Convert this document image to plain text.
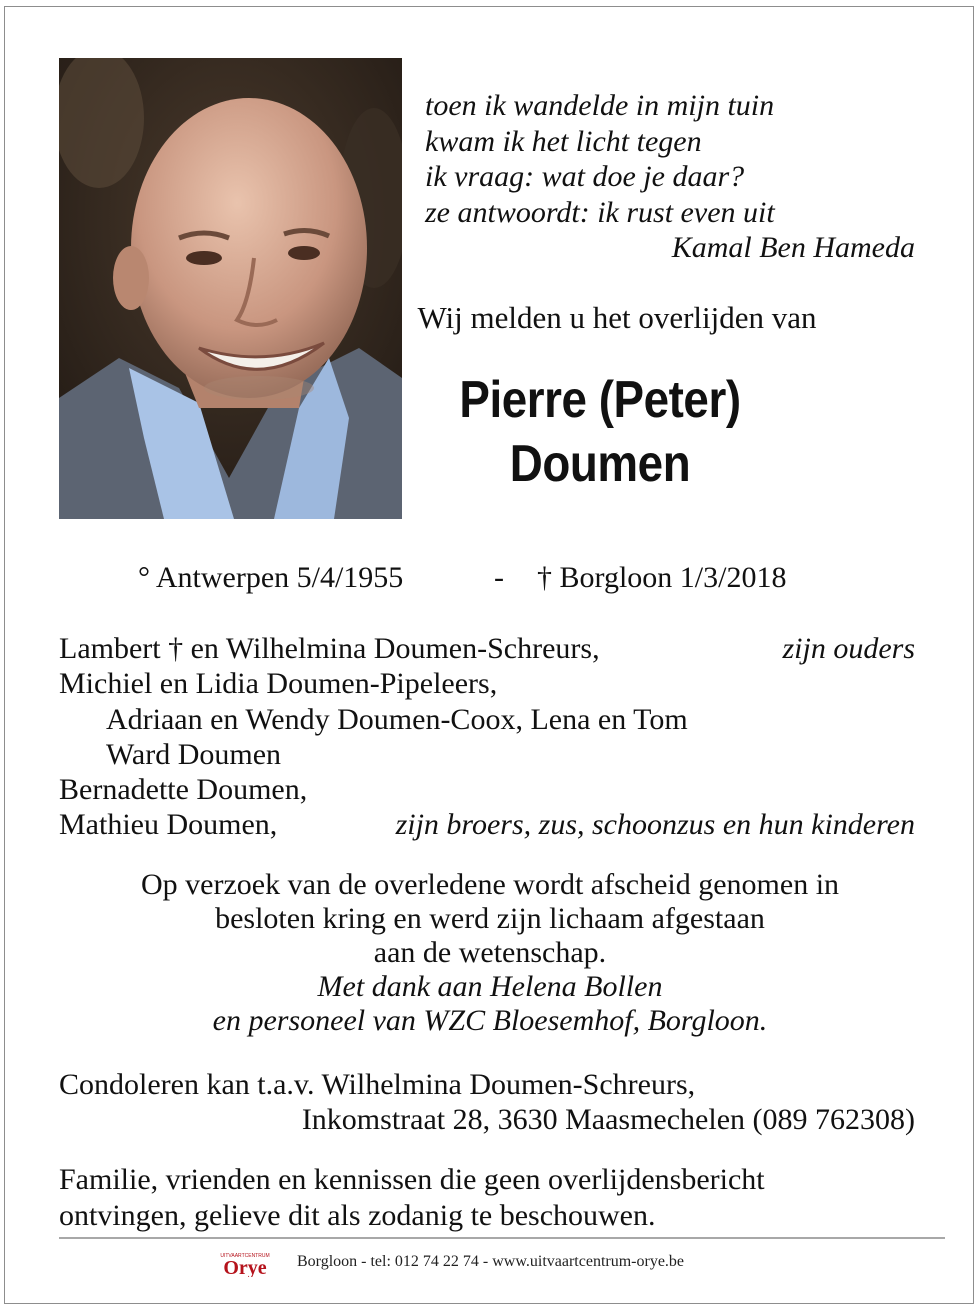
toen ik wandelde in mijn tuin
kwam ik het licht tegen
ik vraag: wat doe je daar?
ze antwoordt: ik rust even uit
Kamal Ben Hameda
Wij melden u het overlijden van
Pierre (Peter)
Doumen
° Antwerpen 5/4/1955	- † Borgloon 1/3/2018
Lambert † en Wilhelmina Doumen-Schreurs,	zijn ouders
Michiel en Lidia Doumen-Pipeleers,
Adriaan en Wendy Doumen-Coox, Lena en Tom
Ward Doumen
Bernadette Doumen,
Mathieu Doumen,	zijn broers, zus, schoonzus en hun kinderen
Op verzoek van de overledene wordt afscheid genomen in
besloten kring en werd zijn lichaam afgestaan
aan de wetenschap.
Met dank aan Helena Bollen
en personeel van WZC Bloesemhof, Borgloon.
Condoleren kan t.a.v. Wilhelmina Doumen-Schreurs,
Inkomstraat 28, 3630 Maasmechelen (089 762308)
Familie, vrienden en kennissen die geen overlijdensbericht
ontvingen, gelieve dit als zodanig te beschouwen.
UITVAARTCENTRUM
Orye Borgloon - tel: 012 74 22 74 - www.uitvaartcentrum-orye.be
